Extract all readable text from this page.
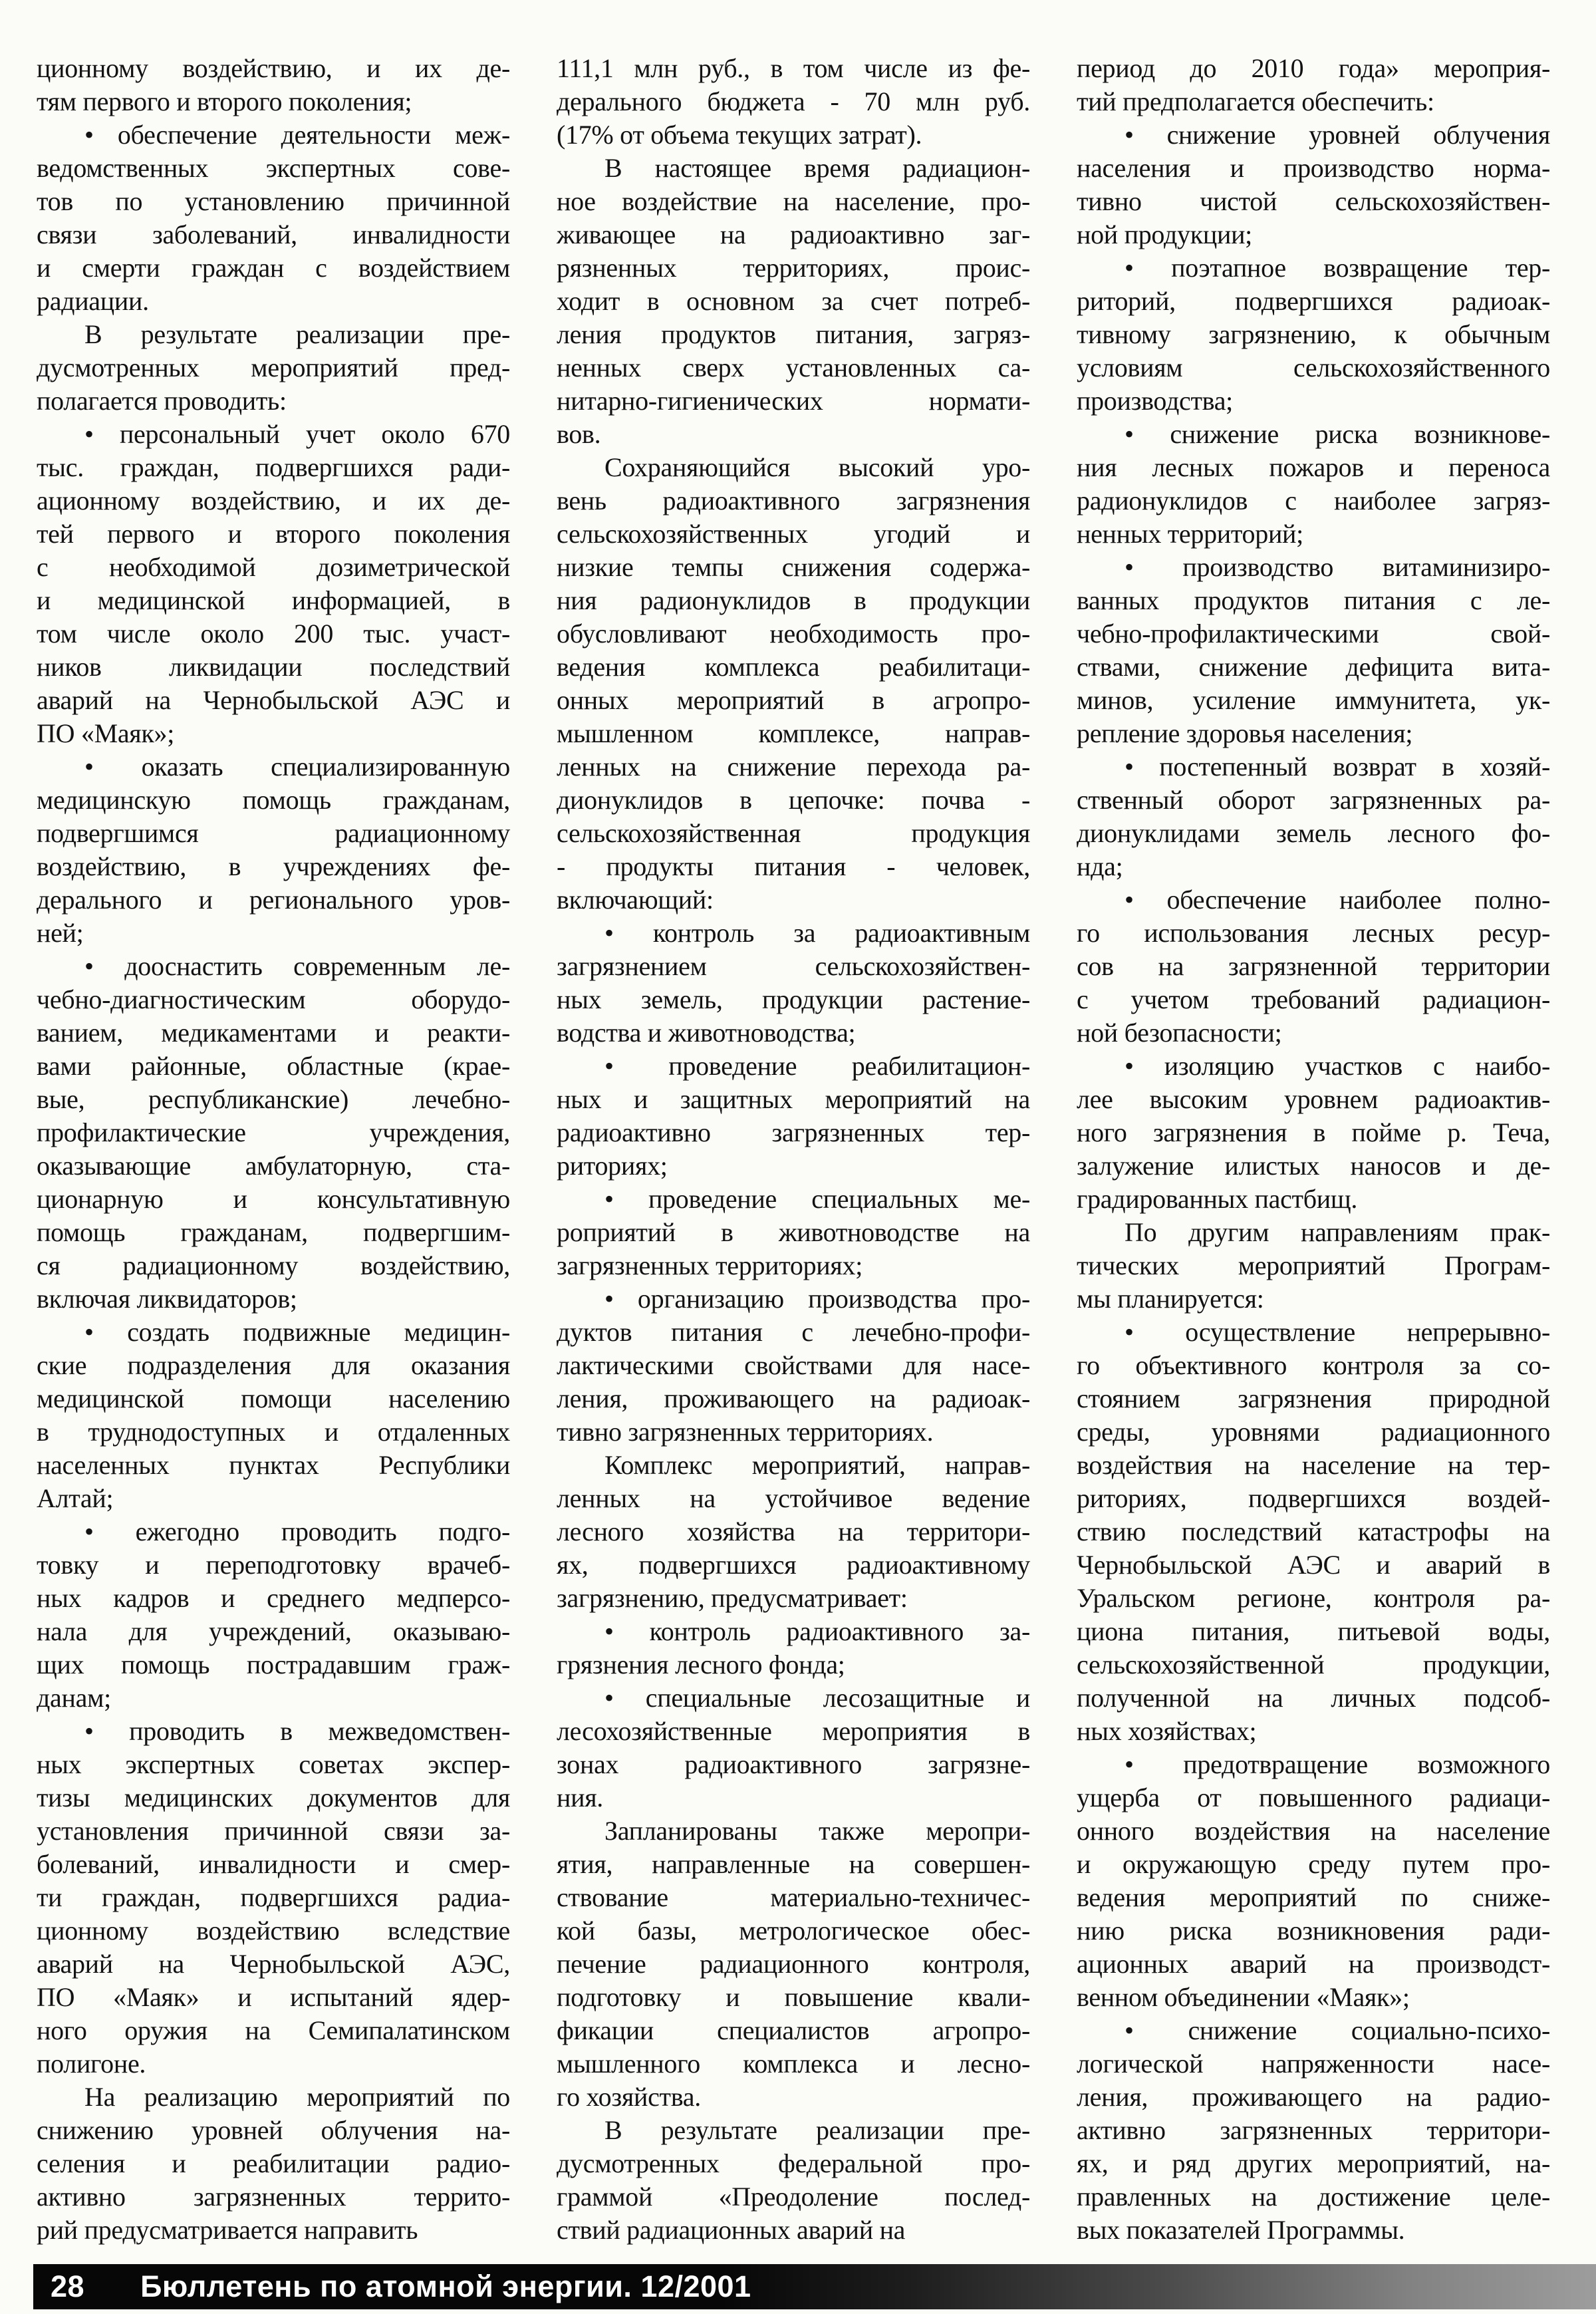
ционному воздействию, и их де-
тям первого и второго поколения;
• обеспечение деятельности меж-
ведомственных экспертных сове-
тов по установлению причинной
связи заболеваний, инвалидности
и смерти граждан с воздействием
радиации.
В результате реализации пре-
дусмотренных мероприятий пред-
полагается проводить:
• персональный учет около 670
тыс. граждан, подвергшихся ради-
ационному воздействию, и их де-
тей первого и второго поколения
с необходимой дозиметрической
и медицинской информацией, в
том числе около 200 тыс. участ-
ников ликвидации последствий
аварий на Чернобыльской АЭС и
ПО «Маяк»;
• оказать специализированную
медицинскую помощь гражданам,
подвергшимся радиационному
воздействию, в учреждениях фе-
дерального и регионального уров-
ней;
• дооснастить современным ле-
чебно-диагностическим оборудо-
ванием, медикаментами и реакти-
вами районные, областные (крае-
вые, республиканские) лечебно-
профилактические учреждения,
оказывающие амбулаторную, ста-
ционарную и консультативную
помощь гражданам, подвергшим-
ся радиационному воздействию,
включая ликвидаторов;
• создать подвижные медицин-
ские подразделения для оказания
медицинской помощи населению
в труднодоступных и отдаленных
населенных пунктах Республики
Алтай;
• ежегодно проводить подго-
товку и переподготовку врачеб-
ных кадров и среднего медперсо-
нала для учреждений, оказываю-
щих помощь пострадавшим граж-
данам;
• проводить в межведомствен-
ных экспертных советах экспер-
тизы медицинских документов для
установления причинной связи за-
болеваний, инвалидности и смер-
ти граждан, подвергшихся радиа-
ционному воздействию вследствие
аварий на Чернобыльской АЭС,
ПО «Маяк» и испытаний ядер-
ного оружия на Семипалатинском
полигоне.
На реализацию мероприятий по
снижению уровней облучения на-
селения и реабилитации радио-
активно загрязненных террито-
рий предусматривается направить
111,1 млн руб., в том числе из фе-
дерального бюджета - 70 млн руб.
(17% от объема текущих затрат).
В настоящее время радиацион-
ное воздействие на население, про-
живающее на радиоактивно заг-
рязненных территориях, проис-
ходит в основном за счет потреб-
ления продуктов питания, загряз-
ненных сверх установленных са-
нитарно-гигиенических нормати-
вов.
Сохраняющийся высокий уро-
вень радиоактивного загрязнения
сельскохозяйственных угодий и
низкие темпы снижения содержа-
ния радионуклидов в продукции
обусловливают необходимость про-
ведения комплекса реабилитаци-
онных мероприятий в агропро-
мышленном комплексе, направ-
ленных на снижение перехода ра-
дионуклидов в цепочке: почва -
сельскохозяйственная продукция
- продукты питания - человек,
включающий:
• контроль за радиоактивным
загрязнением сельскохозяйствен-
ных земель, продукции растение-
водства и животноводства;
• проведение реабилитацион-
ных и защитных мероприятий на
радиоактивно загрязненных тер-
риториях;
• проведение специальных ме-
роприятий в животноводстве на
загрязненных территориях;
• организацию производства про-
дуктов питания с лечебно-профи-
лактическими свойствами для насе-
ления, проживающего на радиоак-
тивно загрязненных территориях.
Комплекс мероприятий, направ-
ленных на устойчивое ведение
лесного хозяйства на территори-
ях, подвергшихся радиоактивному
загрязнению, предусматривает:
• контроль радиоактивного за-
грязнения лесного фонда;
• специальные лесозащитные и
лесохозяйственные мероприятия в
зонах радиоактивного загрязне-
ния.
Запланированы также меропри-
ятия, направленные на совершен-
ствование материально-техничес-
кой базы, метрологическое обес-
печение радиационного контроля,
подготовку и повышение квали-
фикации специалистов агропро-
мышленного комплекса и лесно-
го хозяйства.
В результате реализации пре-
дусмотренных федеральной про-
граммой «Преодоление послед-
ствий радиационных аварий на
период до 2010 года» мероприя-
тий предполагается обеспечить:
• снижение уровней облучения
населения и производство норма-
тивно чистой сельскохозяйствен-
ной продукции;
• поэтапное возвращение тер-
риторий, подвергшихся радиоак-
тивному загрязнению, к обычным
условиям сельскохозяйственного
производства;
• снижение риска возникнове-
ния лесных пожаров и переноса
радионуклидов с наиболее загряз-
ненных территорий;
• производство витаминизиро-
ванных продуктов питания с ле-
чебно-профилактическими свой-
ствами, снижение дефицита вита-
минов, усиление иммунитета, ук-
репление здоровья населения;
• постепенный возврат в хозяй-
ственный оборот загрязненных ра-
дионуклидами земель лесного фо-
нда;
• обеспечение наиболее полно-
го использования лесных ресур-
сов на загрязненной территории
с учетом требований радиацион-
ной безопасности;
• изоляцию участков с наибо-
лее высоким уровнем радиоактив-
ного загрязнения в пойме р. Теча,
залужение илистых наносов и де-
градированных пастбищ.
По другим направлениям прак-
тических мероприятий Програм-
мы планируется:
• осуществление непрерывно-
го объективного контроля за со-
стоянием загрязнения природной
среды, уровнями радиационного
воздействия на население на тер-
риториях, подвергшихся воздей-
ствию последствий катастрофы на
Чернобыльской АЭС и аварий в
Уральском регионе, контроля ра-
циона питания, питьевой воды,
сельскохозяйственной продукции,
полученной на личных подсоб-
ных хозяйствах;
• предотвращение возможного
ущерба от повышенного радиаци-
онного воздействия на население
и окружающую среду путем про-
ведения мероприятий по сниже-
нию риска возникновения ради-
ационных аварий на производст-
венном объединении «Маяк»;
• снижение социально-психо-
логической напряженности насе-
ления, проживающего на радио-
активно загрязненных территори-
ях, и ряд других мероприятий, на-
правленных на достижение целе-
вых показателей Программы.
28 Бюллетень по атомной энергии. 12/2001
